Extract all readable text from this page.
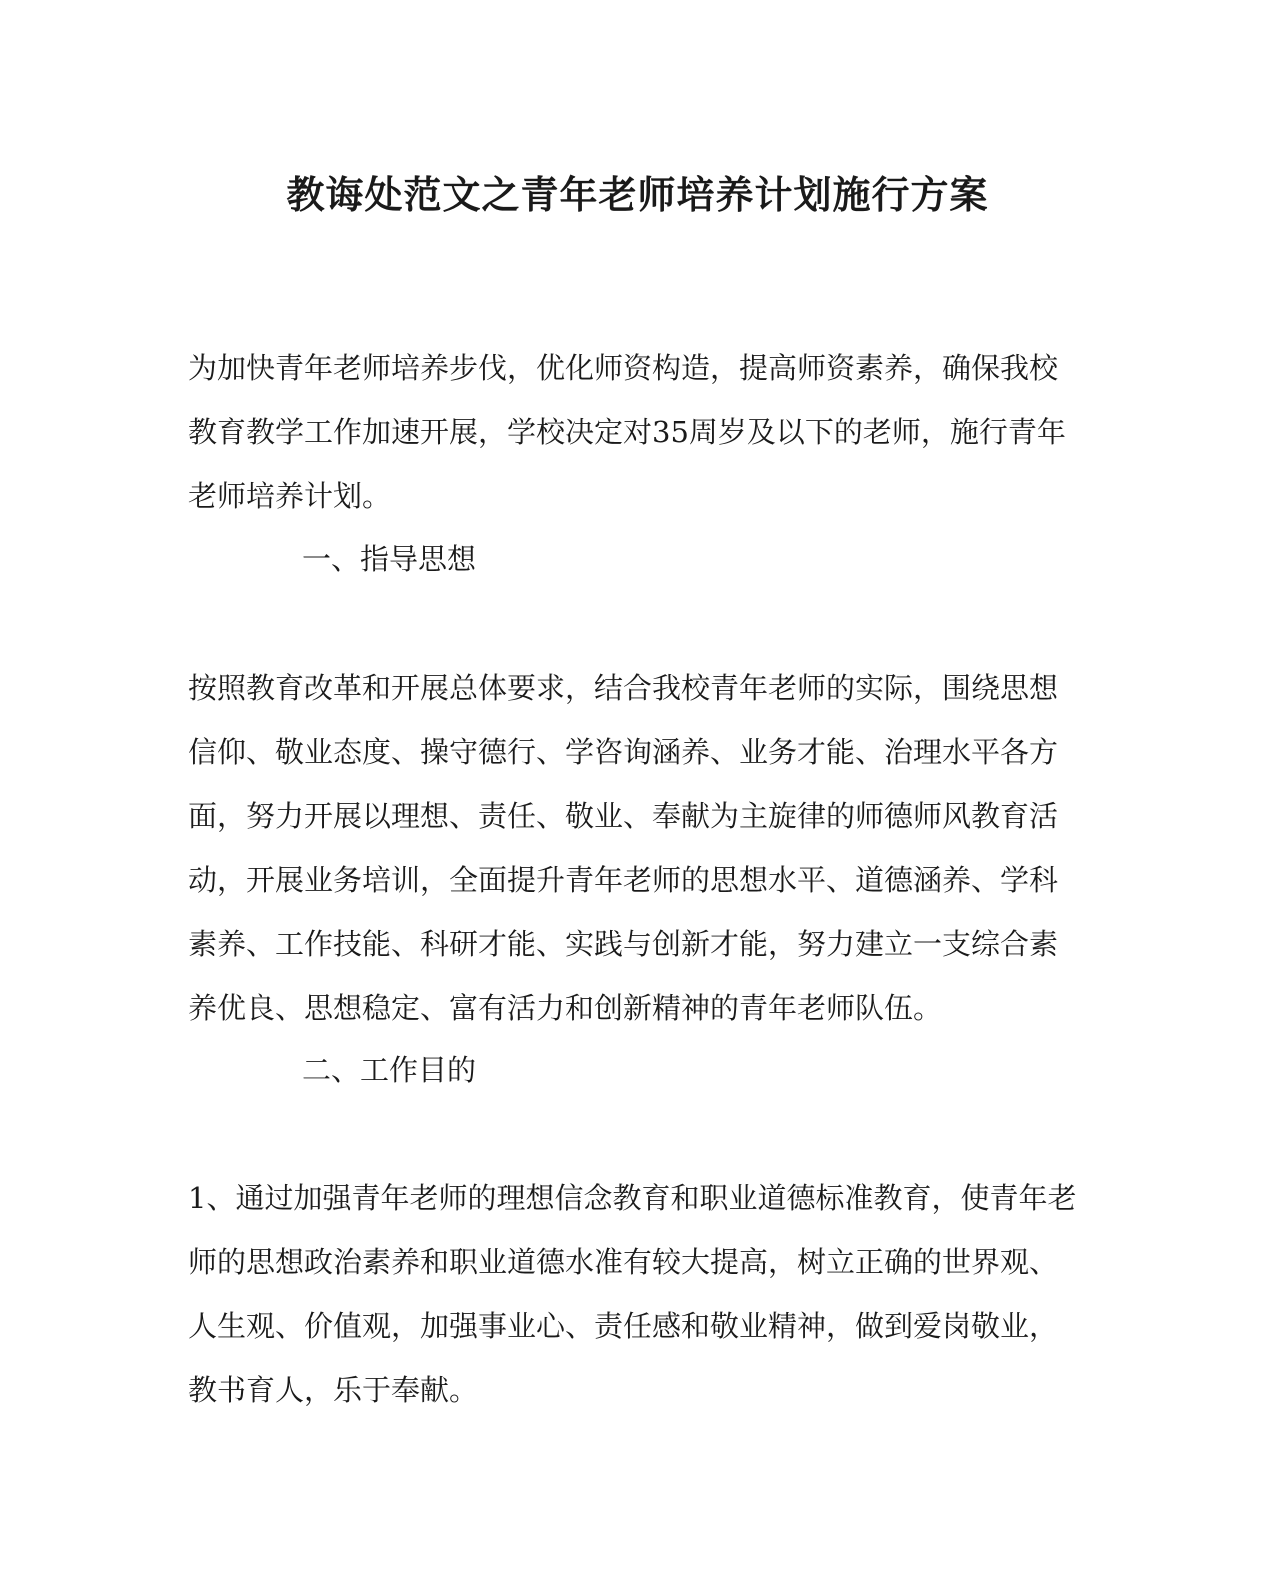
教诲处范文之青年老师培养计划施行方案

为加快青年老师培养步伐，优化师资构造，提高师资素养，确保我校
教育教学工作加速开展，学校决定对35周岁及以下的老师，施行青年
老师培养计划。

一、指导思想

按照教育改革和开展总体要求，结合我校青年老师的实际，围绕思想
信仰、敬业态度、操守德行、学咨询涵养、业务才能、治理水平各方
面，努力开展以理想、责任、敬业、奉献为主旋律的师德师风教育活
动，开展业务培训，全面提升青年老师的思想水平、道德涵养、学科
素养、工作技能、科研才能、实践与创新才能，努力建立一支综合素
养优良、思想稳定、富有活力和创新精神的青年老师队伍。

二、工作目的

1、通过加强青年老师的理想信念教育和职业道德标准教育，使青年老
师的思想政治素养和职业道德水准有较大提高，树立正确的世界观、
人生观、价值观，加强事业心、责任感和敬业精神，做到爱岗敬业，
教书育人，乐于奉献。
